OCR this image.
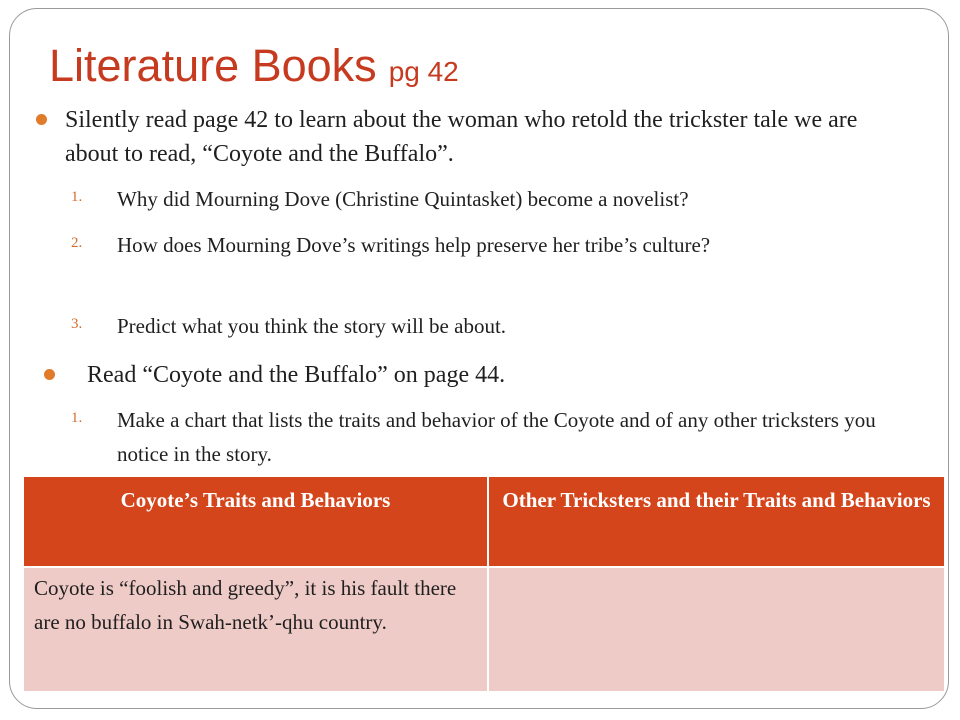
Literature Books pg 42
Silently read page 42 to learn about the woman who retold the trickster tale we are about to read, “Coyote and the Buffalo”.
1. Why did Mourning Dove (Christine Quintasket) become a novelist?
2. How does Mourning Dove’s writings help preserve her tribe’s culture?
3. Predict what you think the story will be about.
Read “Coyote and the Buffalo” on page 44.
1. Make a chart that lists the traits and behavior of the Coyote and of any other tricksters you notice in the story.
Coyote’s Traits and Behaviors	Other Tricksters and their Traits and Behaviors
Coyote is “foolish and greedy”, it is his fault there are no buffalo in Swah-netk’-qhu country.	
